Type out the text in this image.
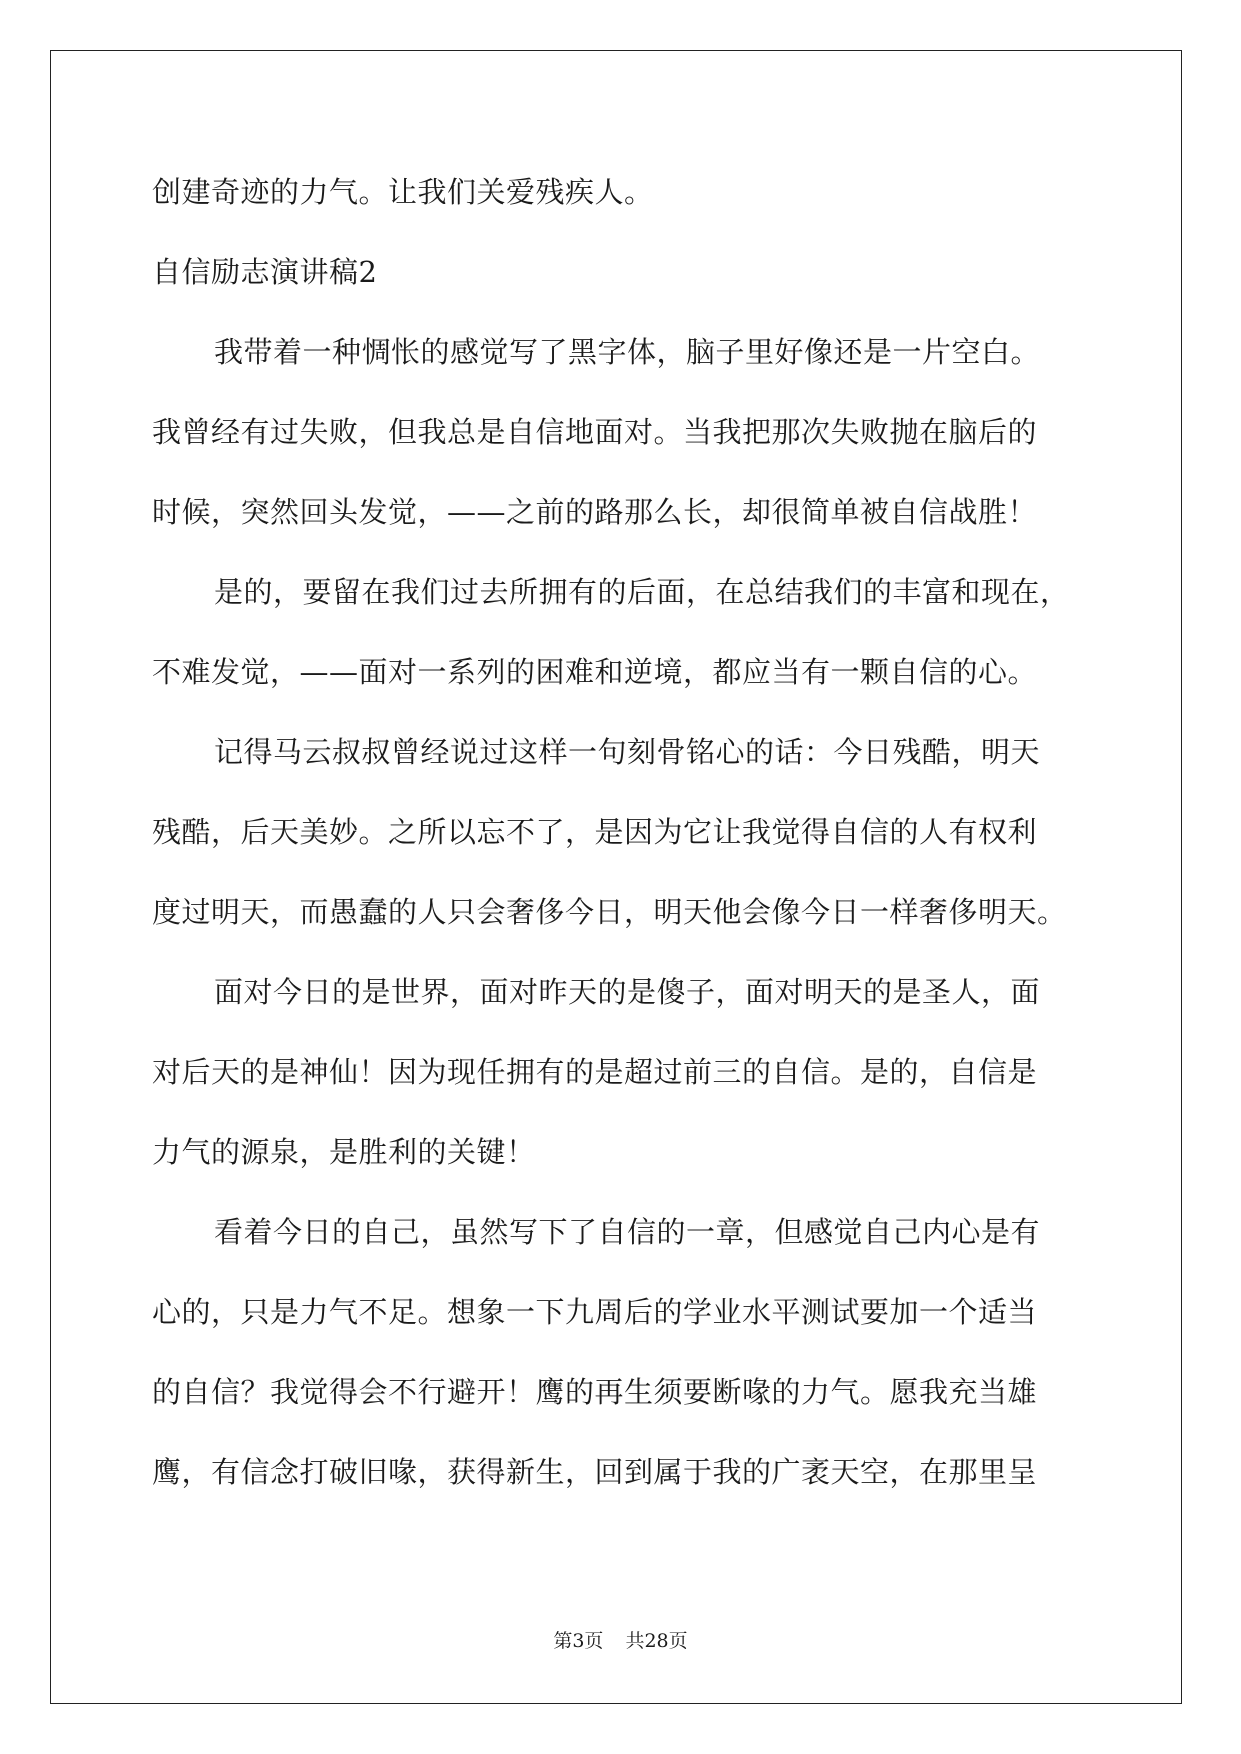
创建奇迹的力气。让我们关爱残疾人。
自信励志演讲稿2
我带着一种惆怅的感觉写了黑字体，脑子里好像还是一片空白。
我曾经有过失败，但我总是自信地面对。当我把那次失败抛在脑后的
时候，突然回头发觉，——之前的路那么长，却很简单被自信战胜！
是的，要留在我们过去所拥有的后面，在总结我们的丰富和现在，
不难发觉，——面对一系列的困难和逆境，都应当有一颗自信的心。
记得马云叔叔曾经说过这样一句刻骨铭心的话：今日残酷，明天
残酷，后天美妙。之所以忘不了，是因为它让我觉得自信的人有权利
度过明天，而愚蠢的人只会奢侈今日，明天他会像今日一样奢侈明天。
面对今日的是世界，面对昨天的是傻子，面对明天的是圣人，面
对后天的是神仙！因为现任拥有的是超过前三的自信。是的，自信是
力气的源泉，是胜利的关键！
看着今日的自己，虽然写下了自信的一章，但感觉自己内心是有
心的，只是力气不足。想象一下九周后的学业水平测试要加一个适当
的自信？我觉得会不行避开！鹰的再生须要断喙的力气。愿我充当雄
鹰，有信念打破旧喙，获得新生，回到属于我的广袤天空，在那里呈
第3页 共28页
